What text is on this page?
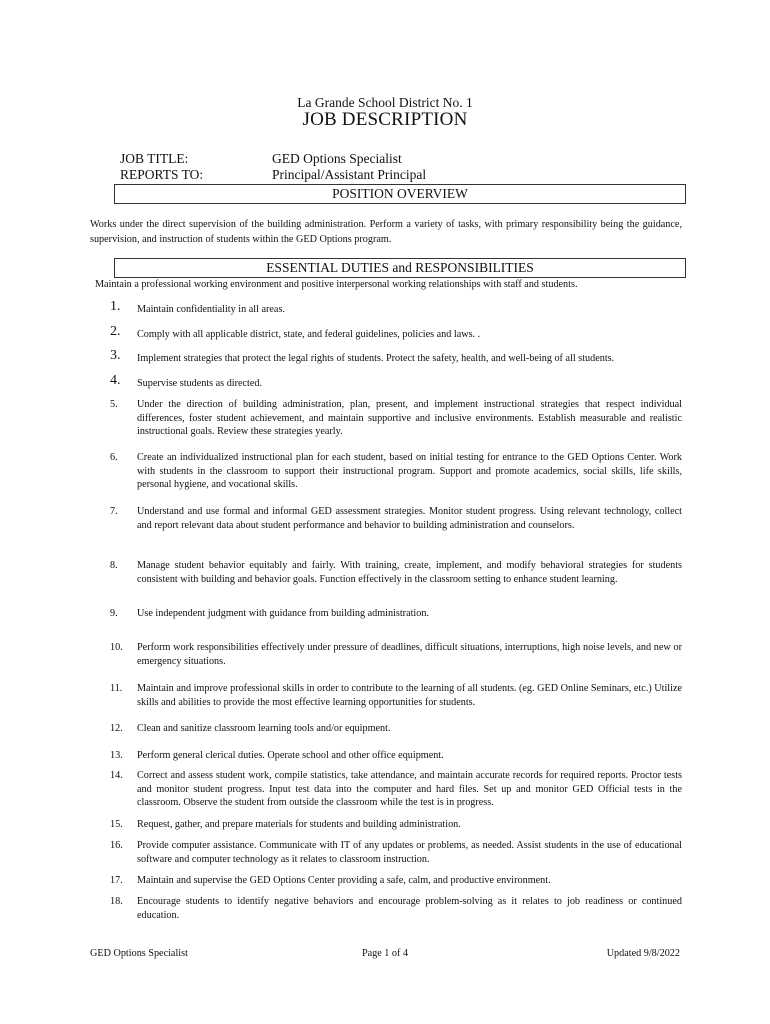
La Grande School District No. 1
JOB DESCRIPTION
JOB TITLE:	GED Options Specialist
REPORTS TO:	Principal/Assistant Principal
POSITION OVERVIEW
Works under the direct supervision of the building administration. Perform a variety of tasks, with primary responsibility being the guidance, supervision, and instruction of students within the GED Options program.
ESSENTIAL DUTIES and RESPONSIBILITIES
Maintain a professional working environment and positive interpersonal working relationships with staff and students.
1.	Maintain confidentiality in all areas.
2.	Comply with all applicable district, state, and federal guidelines, policies and laws. .
3.	Implement strategies that protect the legal rights of students. Protect the safety, health, and well-being of all students.
4.	Supervise students as directed.
5.	Under the direction of building administration, plan, present, and implement instructional strategies that respect individual differences, foster student achievement, and maintain supportive and inclusive environments. Establish measurable and realistic instructional goals. Review these strategies yearly.
6.	Create an individualized instructional plan for each student, based on initial testing for entrance to the GED Options Center. Work with students in the classroom to support their instructional program. Support and promote academics, social skills, life skills, personal hygiene, and vocational skills.
7.	Understand and use formal and informal GED assessment strategies. Monitor student progress. Using relevant technology, collect and report relevant data about student performance and behavior to building administration and counselors.
8.	Manage student behavior equitably and fairly. With training, create, implement, and modify behavioral strategies for students consistent with building and behavior goals. Function effectively in the classroom setting to enhance student learning.
9.	Use independent judgment with guidance from building administration.
10.	Perform work responsibilities effectively under pressure of deadlines, difficult situations, interruptions, high noise levels, and new or emergency situations.
11.	Maintain and improve professional skills in order to contribute to the learning of all students. (eg. GED Online Seminars, etc.) Utilize skills and abilities to provide the most effective learning opportunities for students.
12.	Clean and sanitize classroom learning tools and/or equipment.
13.	Perform general clerical duties. Operate school and other office equipment.
14.	Correct and assess student work, compile statistics, take attendance, and maintain accurate records for required reports. Proctor tests and monitor student progress. Input test data into the computer and hard files. Set up and monitor GED Official tests in the classroom. Observe the student from outside the classroom while the test is in progress.
15.	Request, gather, and prepare materials for students and building administration.
16.	Provide computer assistance. Communicate with IT of any updates or problems, as needed. Assist students in the use of educational software and computer technology as it relates to classroom instruction.
17.	Maintain and supervise the GED Options Center providing a safe, calm, and productive environment.
18.	Encourage students to identify negative behaviors and encourage problem-solving as it relates to job readiness or continued education.
GED Options Specialist	Page 1 of 4	Updated 9/8/2022
